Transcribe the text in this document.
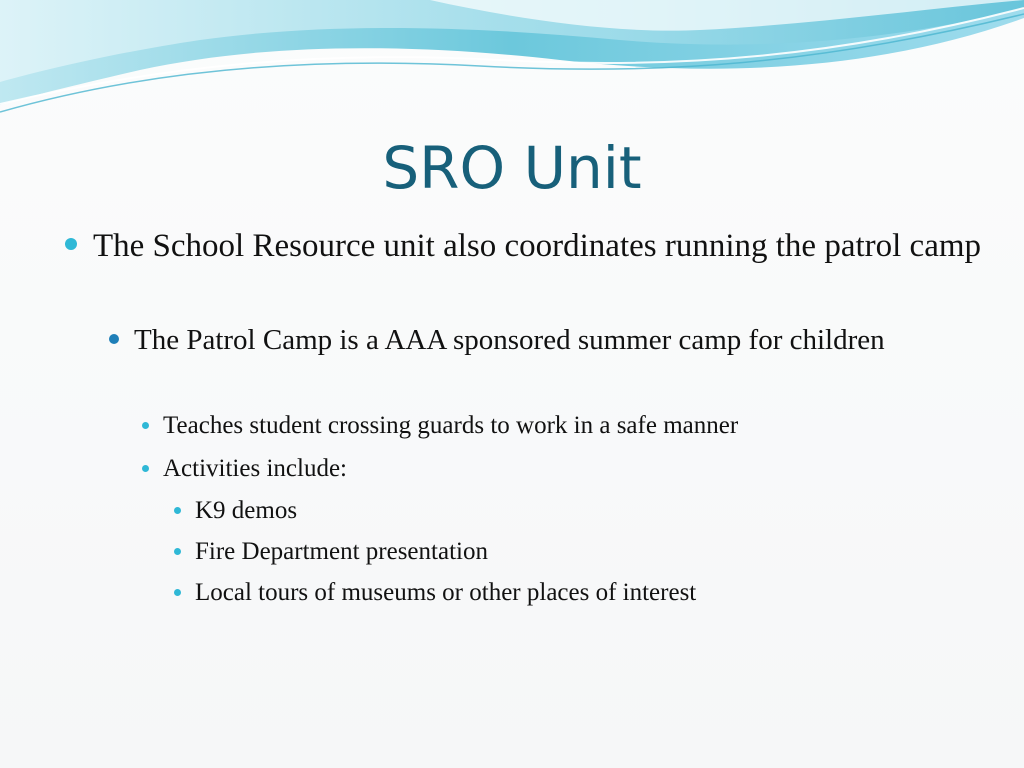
SRO Unit
The School Resource unit also coordinates running the patrol camp
The Patrol Camp is a AAA sponsored summer camp for children
Teaches student crossing guards to work in a safe manner
Activities include:
K9 demos
Fire Department presentation
Local tours of museums or other places of interest
